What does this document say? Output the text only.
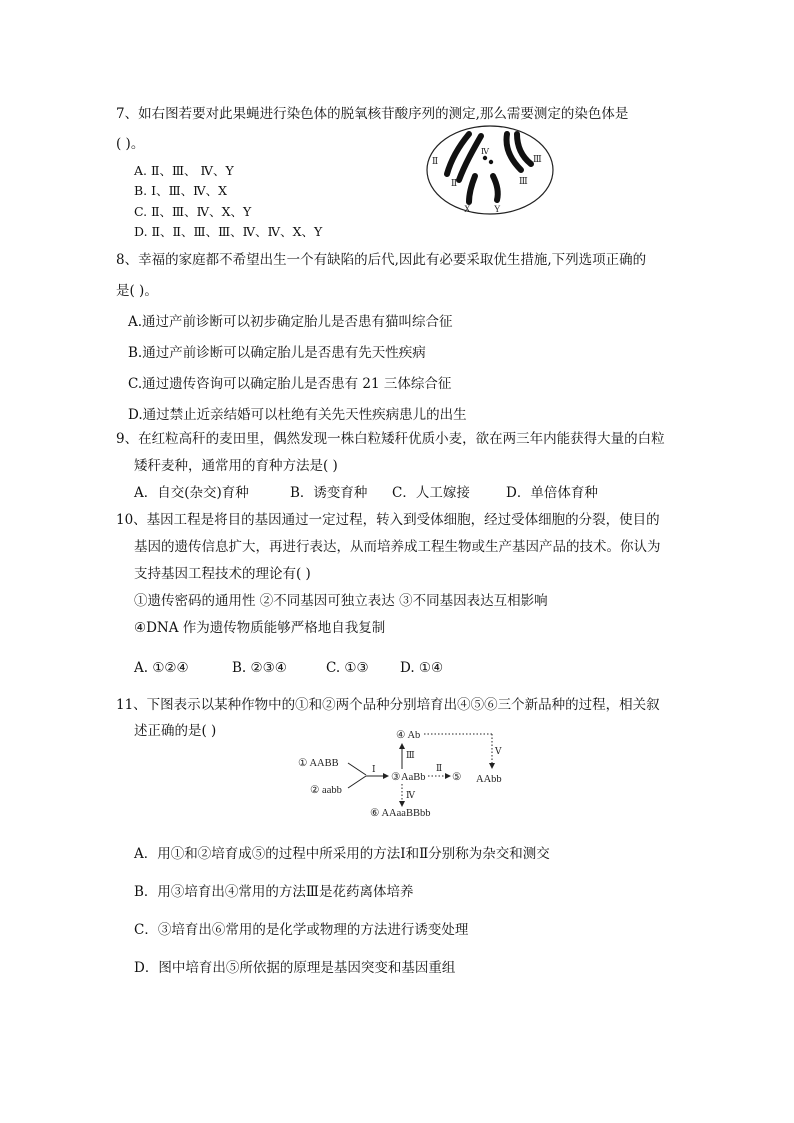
7、如右图若要对此果蝇进行染色体的脱氧核苷酸序列的测定,那么需要测定的染色体是
( )。
A. Ⅱ、Ⅲ、 Ⅳ、Y
B. Ⅰ、Ⅲ、Ⅳ、X
C. Ⅱ、Ⅲ、Ⅳ、X、Y
D. Ⅱ、Ⅱ、Ⅲ、Ⅲ、Ⅳ、Ⅳ、X、Y
Ⅱ
Ⅱ
Ⅳ
Ⅲ
Ⅲ
X	Y
8、幸福的家庭都不希望出生一个有缺陷的后代,因此有必要采取优生措施,下列选项正确的
是( )。
A.通过产前诊断可以初步确定胎儿是否患有猫叫综合征
B.通过产前诊断可以确定胎儿是否患有先天性疾病
C.通过遗传咨询可以确定胎儿是否患有 21 三体综合征
D.通过禁止近亲结婚可以杜绝有关先天性疾病患儿的出生
9、在红粒高秆的麦田里，偶然发现一株白粒矮秆优质小麦，欲在两三年内能获得大量的白粒
矮秆麦种，通常用的育种方法是( )
A．自交(杂交)育种	B．诱变育种 C．人工嫁接	D．单倍体育种
10、基因工程是将目的基因通过一定过程，转入到受体细胞，经过受体细胞的分裂，使目的
基因的遗传信息扩大，再进行表达，从而培养成工程生物或生产基因产品的技术。你认为
支持基因工程技术的理论有( )
①遗传密码的通用性 ②不同基因可独立表达 ③不同基因表达互相影响
④DNA 作为遗传物质能够严格地自我复制
A. ①②④	B. ②③④	C. ①③ D. ①④
11、下图表示以某种作物中的①和②两个品种分别培育出④⑤⑥三个新品种的过程，相关叙
述正确的是( )
① AABB
② aabb
Ⅰ
③ AaBb
④ Ab
Ⅲ	Ⅴ
AAbb
Ⅱ
⑤
Ⅳ
⑥ AAaaBBbb
A．用①和②培育成⑤的过程中所采用的方法Ⅰ和Ⅱ分别称为杂交和测交
B．用③培育出④常用的方法Ⅲ是花药离体培养
C．③培育出⑥常用的是化学或物理的方法进行诱变处理
D．图中培育出⑤所依据的原理是基因突变和基因重组
